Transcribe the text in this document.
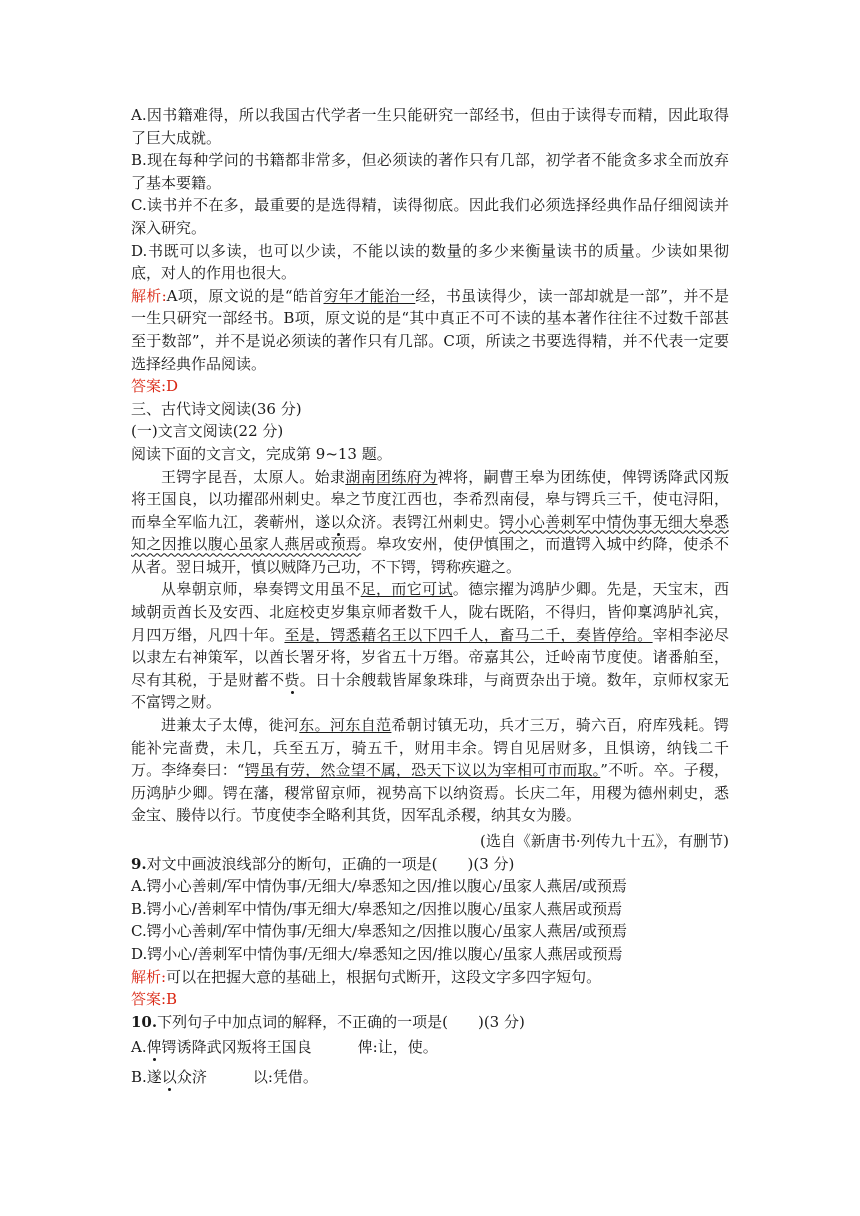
A.因书籍难得，所以我国古代学者一生只能研究一部经书，但由于读得专而精，因此取得了巨大成就。

B.现在每种学问的书籍都非常多，但必须读的著作只有几部，初学者不能贪多求全而放弃了基本要籍。

C.读书并不在多，最重要的是选得精，读得彻底。因此我们必须选择经典作品仔细阅读并深入研究。

D.书既可以多读，也可以少读，不能以读的数量的多少来衡量读书的质量。少读如果彻底，对人的作用也很大。

解析:A项，原文说的是“皓首穷年才能治一经，书虽读得少，读一部却就是一部”，并不是一生只研究一部经书。B项，原文说的是“其中真正不可不读的基本著作往往不过数千部甚至于数部”，并不是说必须读的著作只有几部。C项，所读之书要选得精，并不代表一定要选择经典作品阅读。

答案:D

三、古代诗文阅读(36 分)

(一)文言文阅读(22 分)

阅读下面的文言文，完成第 9~13 题。

王锷字昆吾，太原人。始隶湖南团练府为裨将，嗣曹王皋为团练使，俾锷诱降武冈叛将王国良，以功擢邵州刺史。皋之节度江西也，李希烈南侵，皋与锷兵三千，使屯浔阳，而皋全军临九江，袭蕲州，遂以众济。表锷江州刺史。锷小心善刺军中情伪事无细大皋悉知之因推以腹心虽家人燕居或预焉。皋攻安州，使伊慎围之，而遣锷入城中约降，使杀不从者。翌日城开，慎以贼降乃己功，不下锷，锷称疾避之。

从皋朝京师，皋奏锷文用虽不足，而它可试。德宗擢为鸿胪少卿。先是，天宝末，西域朝贡酋长及安西、北庭校吏岁集京师者数千人，陇右既陷，不得归，皆仰稟鸿胪礼宾，月四万缗，凡四十年。至是，锷悉藉名王以下四千人，畜马二千，奏皆停给。宰相李泌尽以隶左右神策军，以酋长署牙将，岁省五十万缗。帝嘉其公，迁岭南节度使。诸番舶至，尽有其税，于是财蓄不赀。日十余艘载皆犀象珠琲，与商贾杂出于境。数年，京师权家无不富锷之财。

进兼太子太傅，徙河东。河东自范希朝讨镇无功，兵才三万，骑六百，府库残耗。锷能补完啬费，未几，兵至五万，骑五千，财用丰余。锷自见居财多，且惧谤，纳钱二千万。李绛奏曰：“锷虽有劳，然佥望不属，恐天下议以为宰相可市而取。”不听。卒。子稷，历鸿胪少卿。锷在藩，稷常留京师，视势高下以纳资焉。长庆二年，用稷为德州刺史，悉金宝、媵侍以行。节度使李全略利其货，因军乱杀稷，纳其女为媵。

(选自《新唐书·列传九十五》，有删节)

9.对文中画波浪线部分的断句，正确的一项是(　　)(3 分)

A.锷小心善刺/军中情伪事/无细大/皋悉知之因/推以腹心/虽家人燕居/或预焉

B.锷小心/善刺军中情伪/事无细大/皋悉知之/因推以腹心/虽家人燕居或预焉

C.锷小心善刺/军中情伪事/无细大/皋悉知之/因推以腹心/虽家人燕居/或预焉

D.锷小心/善刺军中情伪事/无细大/皋悉知之因/推以腹心/虽家人燕居或预焉

解析:可以在把握大意的基础上，根据句式断开，这段文字多四字短句。

答案:B

10.下列句子中加点词的解释，不正确的一项是(　　)(3 分)

A.俾锷诱降武冈叛将王国良	俾:让，使。

B.遂以众济	以:凭借。
